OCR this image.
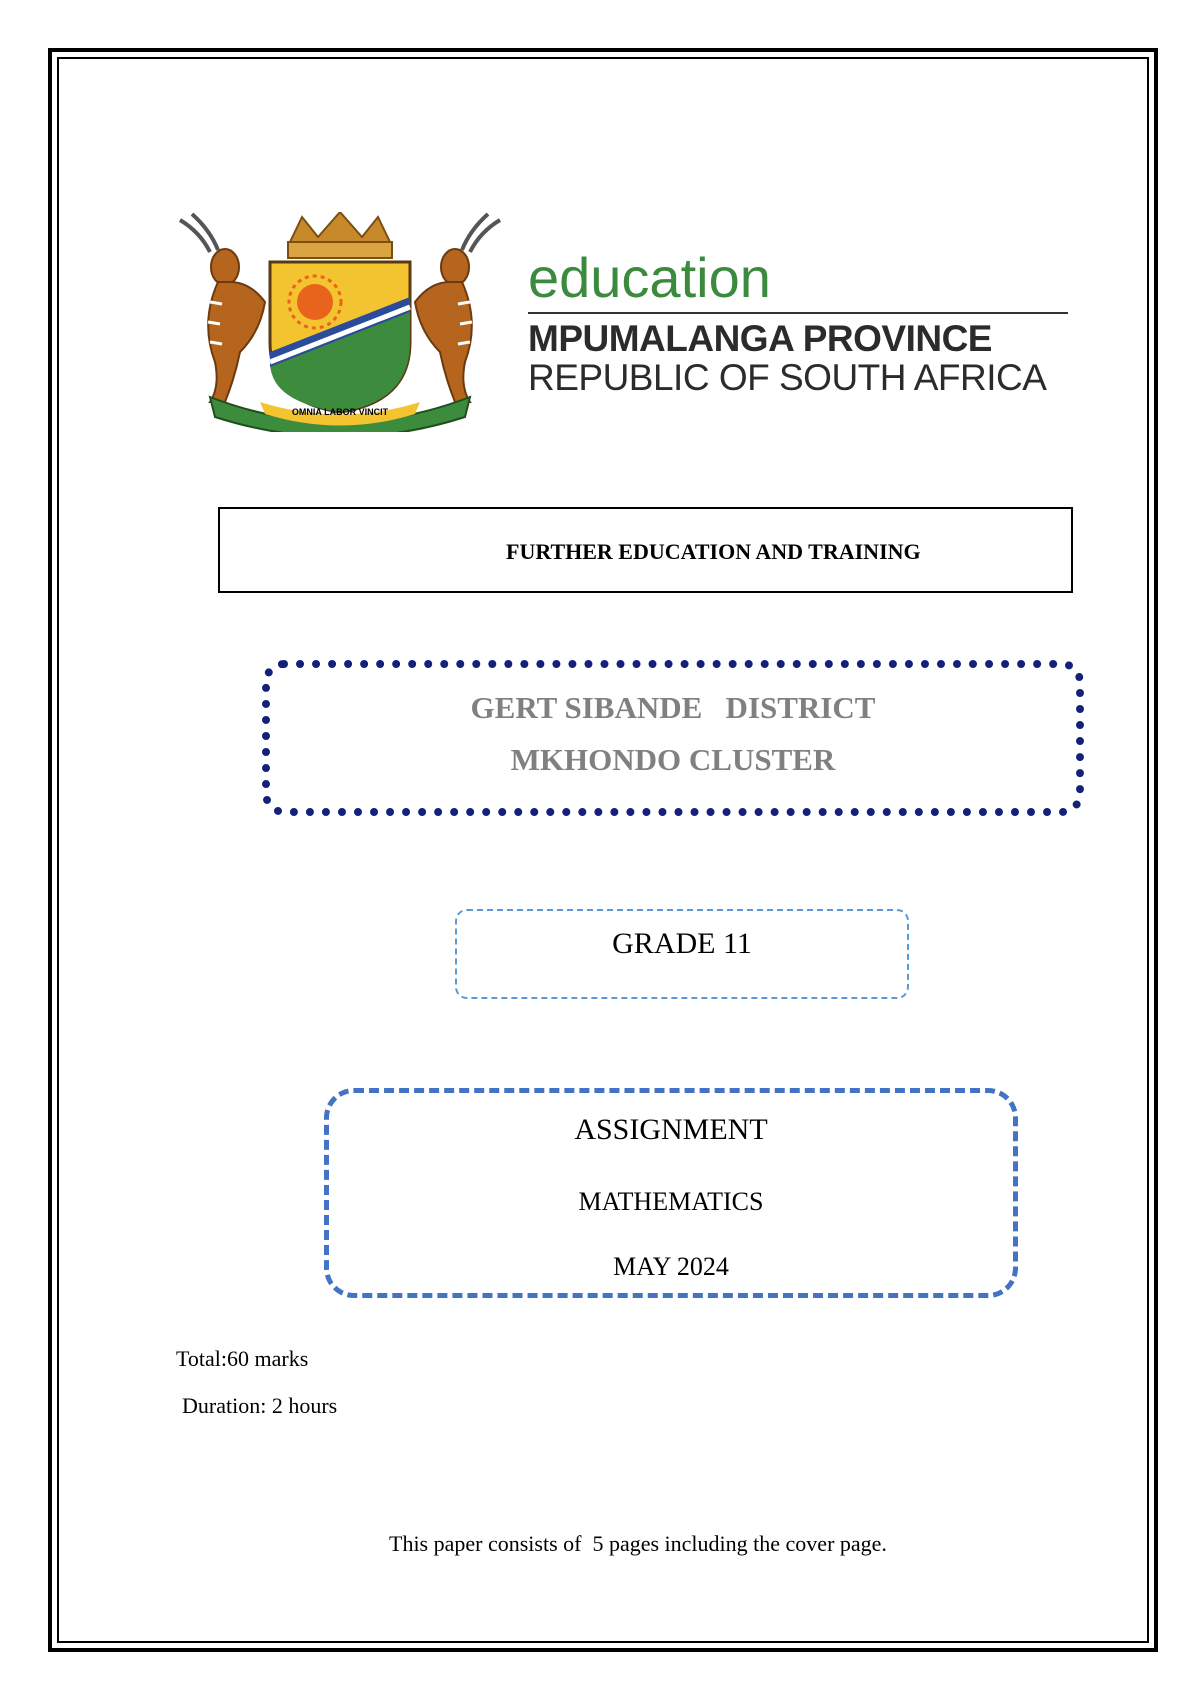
OMNIA LABOR VINCIT
education
MPUMALANGA PROVINCE
REPUBLIC OF SOUTH AFRICA
FURTHER EDUCATION AND TRAINING
GERT SIBANDE   DISTRICT
MKHONDO CLUSTER
GRADE 11
ASSIGNMENT
MATHEMATICS
MAY 2024
Total:60 marks
Duration: 2 hours
This paper consists of  5 pages including the cover page.
